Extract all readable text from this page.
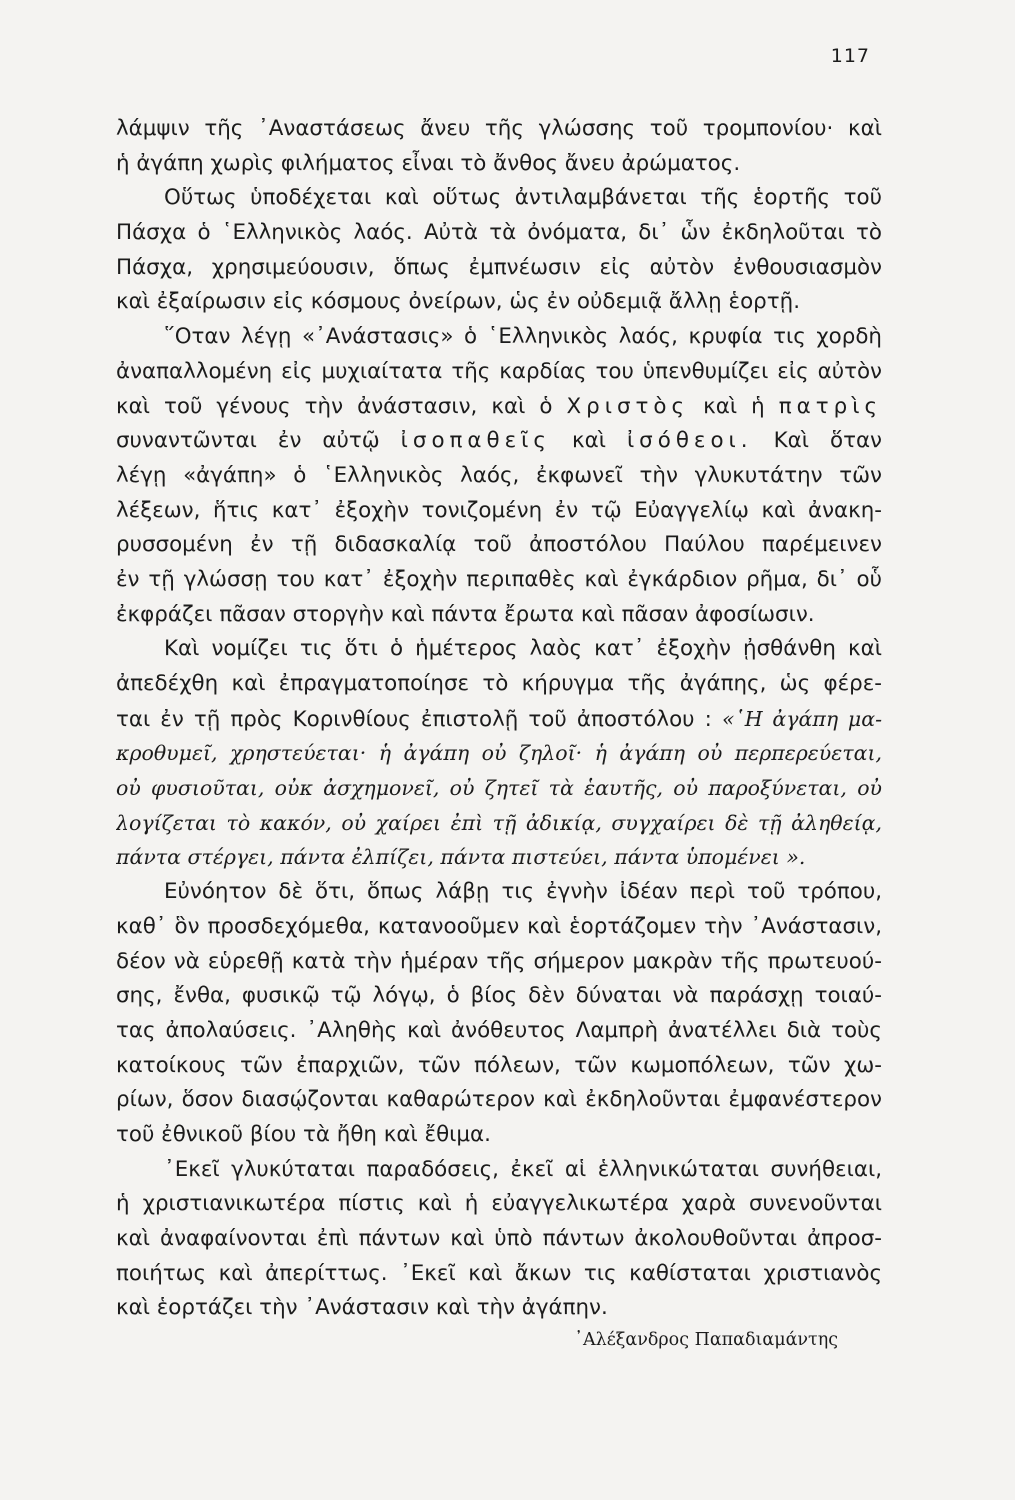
117
λάμψιν τῆς ᾿Αναστάσεως ἄνευ τῆς γλώσσης τοῦ τρομπονίου· καὶ
ἡ ἀγάπη χωρὶς φιλήματος εἶναι τὸ ἄνθος ἄνευ ἀρώματος.
Οὕτως ὑποδέχεται καὶ οὕτως ἀντιλαμβάνεται τῆς ἑορτῆς τοῦ
Πάσχα ὁ ῾Ελληνικὸς λαός. Αὐτὰ τὰ ὀνόματα, δι᾿ ὧν ἐκδηλοῦται τὸ
Πάσχα, χρησιμεύουσιν, ὅπως ἐμπνέωσιν εἰς αὐτὸν ἐνθουσιασμὸν
καὶ ἐξαίρωσιν εἰς κόσμους ὀνείρων, ὡς ἐν οὐδεμιᾷ ἄλλῃ ἑορτῇ.
῞Οταν λέγῃ «᾿Ανάστασις» ὁ ῾Ελληνικὸς λαός, κρυφία τις χορδὴ
ἀναπαλλομένη εἰς μυχιαίτατα τῆς καρδίας του ὑπενθυμίζει εἰς αὐτὸν
καὶ τοῦ γένους τὴν ἀνάστασιν, καὶ ὁ Χριστὸς καὶ ἡ πατρὶς
συναντῶνται ἐν αὐτῷ ἰσοπαθεῖς καὶ ἰσόθεοι. Καὶ ὅταν
λέγῃ «ἀγάπη» ὁ ῾Ελληνικὸς λαός, ἐκφωνεῖ τὴν γλυκυτάτην τῶν
λέξεων, ἥτις κατ᾿ ἐξοχὴν τονιζομένη ἐν τῷ Εὐαγγελίῳ καὶ ἀνακη-
ρυσσομένη ἐν τῇ διδασκαλίᾳ τοῦ ἀποστόλου Παύλου παρέμεινεν
ἐν τῇ γλώσσῃ του κατ᾿ ἐξοχὴν περιπαθὲς καὶ ἐγκάρδιον ρῆμα, δι᾿ οὗ
ἐκφράζει πᾶσαν στοργὴν καὶ πάντα ἔρωτα καὶ πᾶσαν ἀφοσίωσιν.
Καὶ νομίζει τις ὅτι ὁ ἡμέτερος λαὸς κατ᾿ ἐξοχὴν ᾐσθάνθη καὶ
ἀπεδέχθη καὶ ἐπραγματοποίησε τὸ κήρυγμα τῆς ἀγάπης, ὡς φέρε-
ται ἐν τῇ πρὸς Κορινθίους ἐπιστολῇ τοῦ ἀποστόλου : «῾Η ἀγάπη μα-
κροθυμεῖ, χρηστεύεται· ἡ ἀγάπη οὐ ζηλοῖ· ἡ ἀγάπη οὐ περπερεύεται,
οὐ φυσιοῦται, οὐκ ἀσχημονεῖ, οὐ ζητεῖ τὰ ἑαυτῆς, οὐ παροξύνεται, οὐ
λογίζεται τὸ κακόν, οὐ χαίρει ἐπὶ τῇ ἀδικίᾳ, συγχαίρει δὲ τῇ ἀληθείᾳ,
πάντα στέργει, πάντα ἐλπίζει, πάντα πιστεύει, πάντα ὑπομένει ».
Εὐνόητον δὲ ὅτι, ὅπως λάβῃ τις ἐγνὴν ἰδέαν περὶ τοῦ τρόπου,
καθ᾿ ὃν προσδεχόμεθα, κατανοοῦμεν καὶ ἑορτάζομεν τὴν ᾿Ανάστασιν,
δέον νὰ εὑρεθῇ κατὰ τὴν ἡμέραν τῆς σήμερον μακρὰν τῆς πρωτευού-
σης, ἔνθα, φυσικῷ τῷ λόγῳ, ὁ βίος δὲν δύναται νὰ παράσχῃ τοιαύ-
τας ἀπολαύσεις. ᾿Αληθὴς καὶ ἀνόθευτος Λαμπρὴ ἀνατέλλει διὰ τοὺς
κατοίκους τῶν ἐπαρχιῶν, τῶν πόλεων, τῶν κωμοπόλεων, τῶν χω-
ρίων, ὅσον διασῴζονται καθαρώτερον καὶ ἐκδηλοῦνται ἐμφανέστερον
τοῦ ἐθνικοῦ βίου τὰ ἤθη καὶ ἔθιμα.
᾿Εκεῖ γλυκύταται παραδόσεις, ἐκεῖ αἱ ἑλληνικώταται συνήθειαι,
ἡ χριστιανικωτέρα πίστις καὶ ἡ εὐαγγελικωτέρα χαρὰ συνενοῦνται
καὶ ἀναφαίνονται ἐπὶ πάντων καὶ ὑπὸ πάντων ἀκολουθοῦνται ἀπροσ-
ποιήτως καὶ ἀπερίττως. ᾿Εκεῖ καὶ ἄκων τις καθίσταται χριστιανὸς
καὶ ἑορτάζει τὴν ᾿Ανάστασιν καὶ τὴν ἀγάπην.
᾿Αλέξανδρος Παπαδιαμάντης
